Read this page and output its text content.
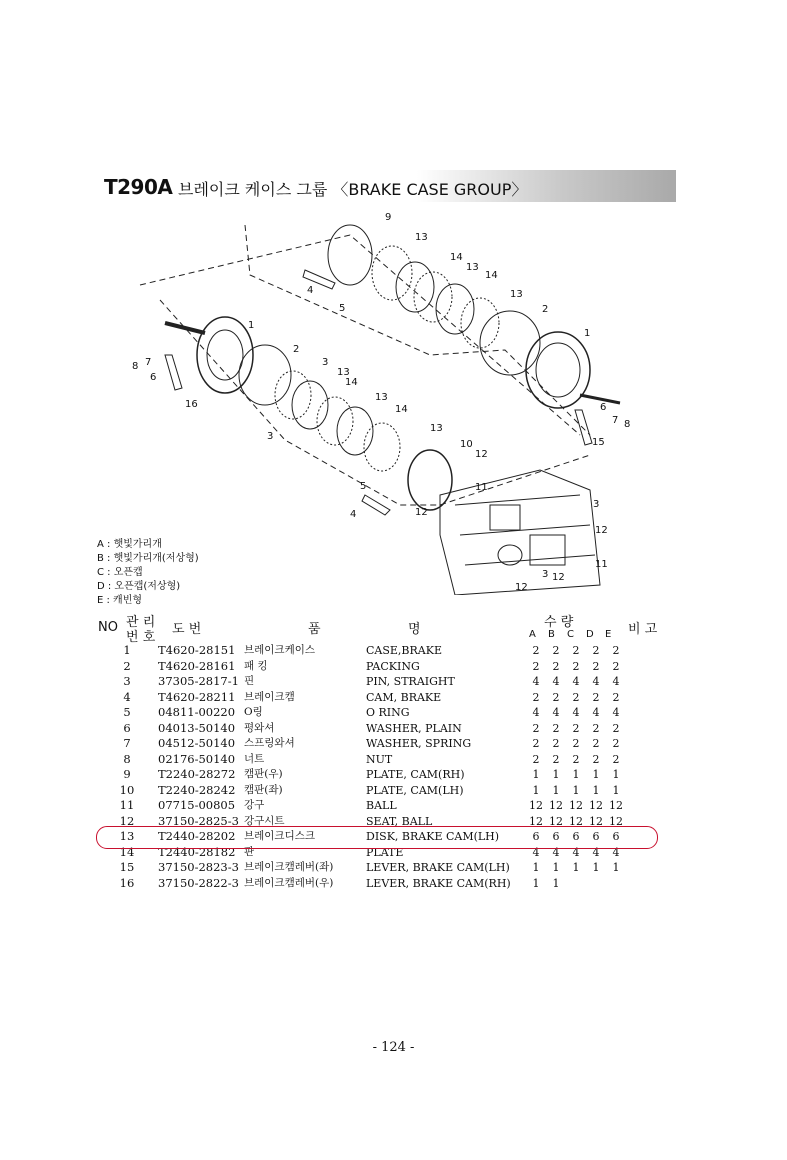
T290A 브레이크 케이스 그룹 〈BRAKE CASE GROUP〉
9
13
14
13
14
13
2
1
4
5
1
2
3
13
14
13
14
13
10
12
11
8 7
6
16
3
6
7 8
15
5
4	12
3
12
11
3
12
12
A : 햇빛가리개
B : 햇빛가리개(저상형)
C : 오픈캡
D : 오픈캡(저상형)
E : 캐빈형
NO 관 리
번 호
도 번	품	명	수 량
A B C D E 비 고
1	T4620-28151	브레이크케이스	CASE,BRAKE	2	2	2	2	2
2	T4620-28161	패 킹	PACKING	2	2	2	2	2
3	37305-2817-1	핀	PIN, STRAIGHT	4	4	4	4	4
4	T4620-28211	브레이크캠	CAM, BRAKE	2	2	2	2	2
5	04811-00220	O링	O RING	4	4	4	4	4
6	04013-50140	평와셔	WASHER, PLAIN	2	2	2	2	2
7	04512-50140	스프링와셔	WASHER, SPRING	2	2	2	2	2
8	02176-50140	너트	NUT	2	2	2	2	2
9	T2240-28272	캠판(우)	PLATE, CAM(RH)	1	1	1	1	1
10	T2240-28242	캠판(좌)	PLATE, CAM(LH)	1	1	1	1	1
11	07715-00805	강구	BALL	12	12	12	12	12
12	37150-2825-3	강구시트	SEAT, BALL	12	12	12	12	12
13	T2440-28202	브레이크디스크	DISK, BRAKE CAM(LH)	6	6	6	6	6
14	T2440-28182	판	PLATE	4	4	4	4	4
15	37150-2823-3	브레이크캠레버(좌)	LEVER, BRAKE CAM(LH)	1	1	1	1	1
16	37150-2822-3	브레이크캠레버(우)	LEVER, BRAKE CAM(RH)	1	1			
- 124 -
